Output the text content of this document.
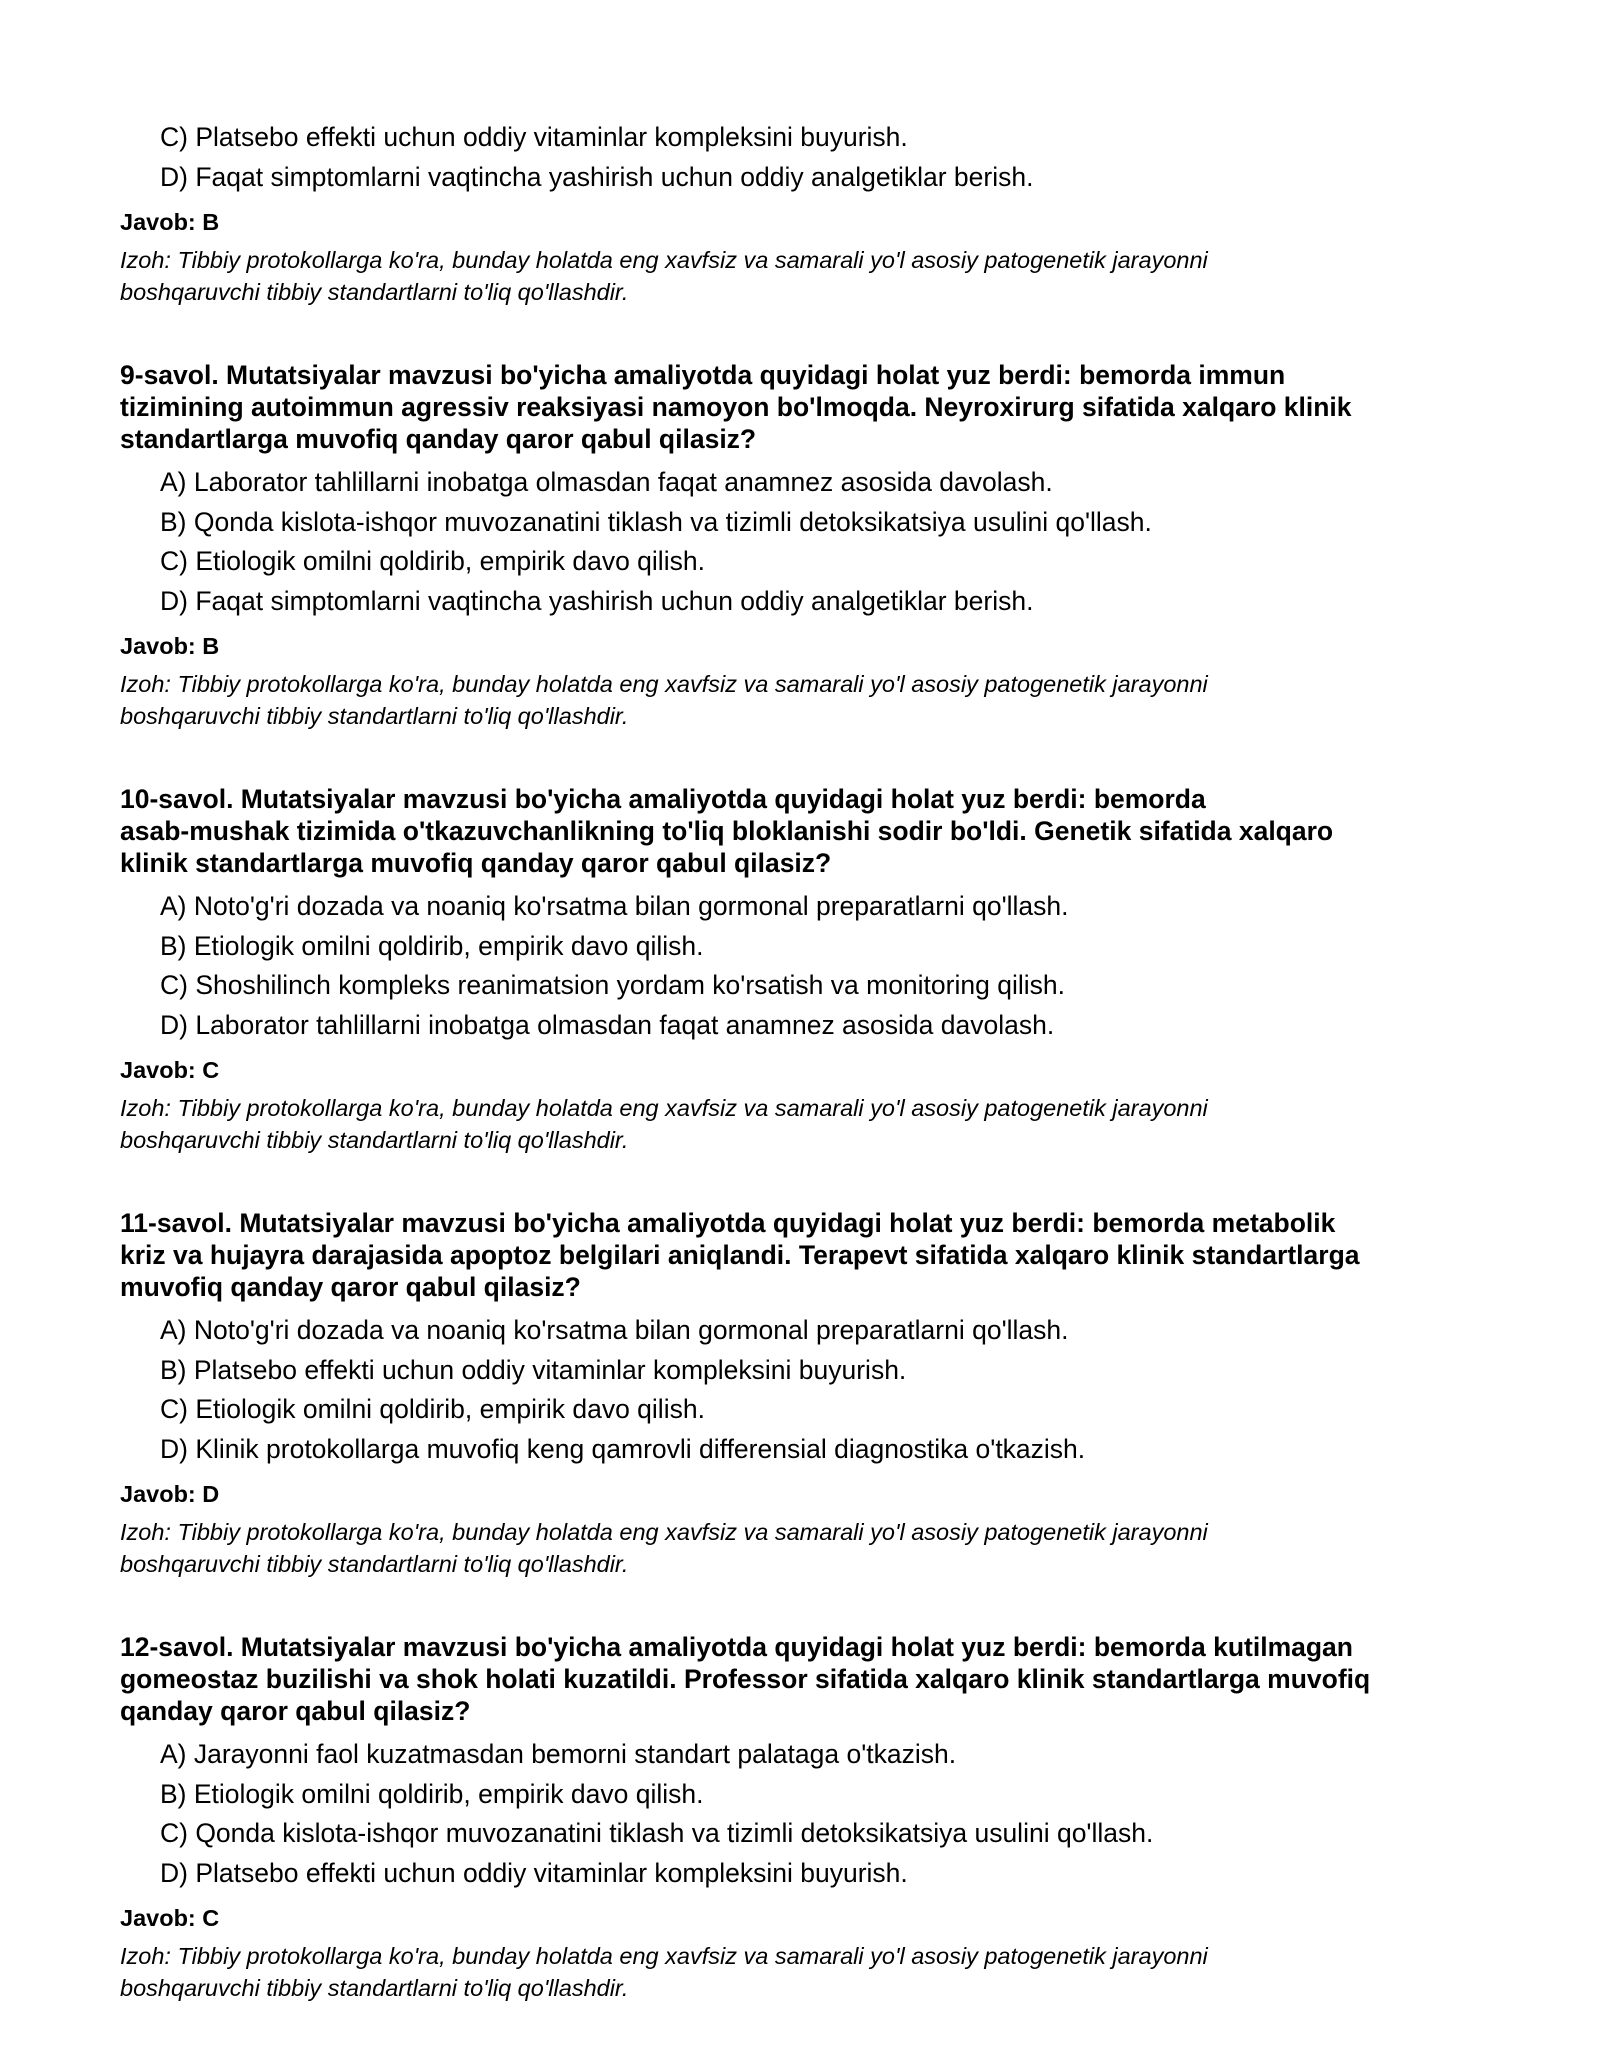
C) Platsebo effekti uchun oddiy vitaminlar kompleksini buyurish.
D) Faqat simptomlarni vaqtincha yashirish uchun oddiy analgetiklar berish.
Javob: B
Izoh: Tibbiy protokollarga ko'ra, bunday holatda eng xavfsiz va samarali yo'l asosiy patogenetik jarayonni
boshqaruvchi tibbiy standartlarni to'liq qo'llashdir.
9-savol. Mutatsiyalar mavzusi bo'yicha amaliyotda quyidagi holat yuz berdi: bemorda immun
tizimining autoimmun agressiv reaksiyasi namoyon bo'lmoqda. Neyroxirurg sifatida xalqaro klinik
standartlarga muvofiq qanday qaror qabul qilasiz?
A) Laborator tahlillarni inobatga olmasdan faqat anamnez asosida davolash.
B) Qonda kislota-ishqor muvozanatini tiklash va tizimli detoksikatsiya usulini qo'llash.
C) Etiologik omilni qoldirib, empirik davo qilish.
D) Faqat simptomlarni vaqtincha yashirish uchun oddiy analgetiklar berish.
Javob: B
Izoh: Tibbiy protokollarga ko'ra, bunday holatda eng xavfsiz va samarali yo'l asosiy patogenetik jarayonni
boshqaruvchi tibbiy standartlarni to'liq qo'llashdir.
10-savol. Mutatsiyalar mavzusi bo'yicha amaliyotda quyidagi holat yuz berdi: bemorda
asab-mushak tizimida o'tkazuvchanlikning to'liq bloklanishi sodir bo'ldi. Genetik sifatida xalqaro
klinik standartlarga muvofiq qanday qaror qabul qilasiz?
A) Noto'g'ri dozada va noaniq ko'rsatma bilan gormonal preparatlarni qo'llash.
B) Etiologik omilni qoldirib, empirik davo qilish.
C) Shoshilinch kompleks reanimatsion yordam ko'rsatish va monitoring qilish.
D) Laborator tahlillarni inobatga olmasdan faqat anamnez asosida davolash.
Javob: C
Izoh: Tibbiy protokollarga ko'ra, bunday holatda eng xavfsiz va samarali yo'l asosiy patogenetik jarayonni
boshqaruvchi tibbiy standartlarni to'liq qo'llashdir.
11-savol. Mutatsiyalar mavzusi bo'yicha amaliyotda quyidagi holat yuz berdi: bemorda metabolik
kriz va hujayra darajasida apoptoz belgilari aniqlandi. Terapevt sifatida xalqaro klinik standartlarga
muvofiq qanday qaror qabul qilasiz?
A) Noto'g'ri dozada va noaniq ko'rsatma bilan gormonal preparatlarni qo'llash.
B) Platsebo effekti uchun oddiy vitaminlar kompleksini buyurish.
C) Etiologik omilni qoldirib, empirik davo qilish.
D) Klinik protokollarga muvofiq keng qamrovli differensial diagnostika o'tkazish.
Javob: D
Izoh: Tibbiy protokollarga ko'ra, bunday holatda eng xavfsiz va samarali yo'l asosiy patogenetik jarayonni
boshqaruvchi tibbiy standartlarni to'liq qo'llashdir.
12-savol. Mutatsiyalar mavzusi bo'yicha amaliyotda quyidagi holat yuz berdi: bemorda kutilmagan
gomeostaz buzilishi va shok holati kuzatildi. Professor sifatida xalqaro klinik standartlarga muvofiq
qanday qaror qabul qilasiz?
A) Jarayonni faol kuzatmasdan bemorni standart palataga o'tkazish.
B) Etiologik omilni qoldirib, empirik davo qilish.
C) Qonda kislota-ishqor muvozanatini tiklash va tizimli detoksikatsiya usulini qo'llash.
D) Platsebo effekti uchun oddiy vitaminlar kompleksini buyurish.
Javob: C
Izoh: Tibbiy protokollarga ko'ra, bunday holatda eng xavfsiz va samarali yo'l asosiy patogenetik jarayonni
boshqaruvchi tibbiy standartlarni to'liq qo'llashdir.
